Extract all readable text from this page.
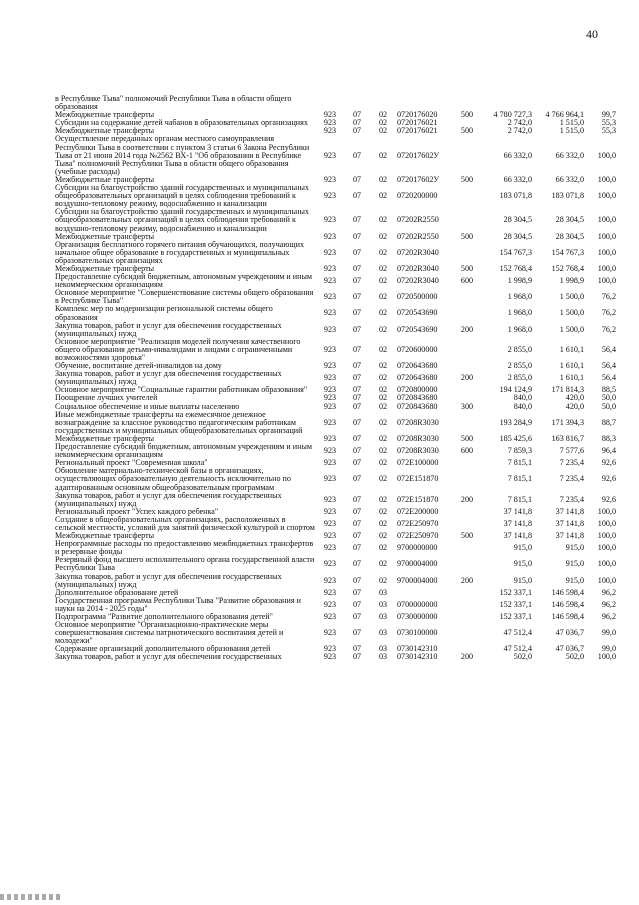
40
в Республике Тыва" полномочий Республики Тыва в области общего образования								
Межбюджетные трансферты	923	07	02	0720176020	500	4 780 727,3	4 766 964,1	99,7
Субсидии на содержание детей чабанов в образовательных организациях	923	07	02	0720176021		2 742,0	1 515,0	55,3
Межбюджетные трансферты	923	07	02	0720176021	500	2 742,0	1 515,0	55,3
Осуществление переданных органам местного самоуправления Республики Тыва в соответствии с пунктом 3 статьи 6 Закона Республики Тыва от 21 июня 2014 года №2562 ВХ-1 "Об образовании в Республике Тыва" полномочий Республики Тыва в области общего образования (учебные расходы)	923	07	02	072017602У		66 332,0	66 332,0	100,0
Межбюджетные трансферты	923	07	02	072017602У	500	66 332,0	66 332,0	100,0
Субсидии на благоустройство зданий государственных и муниципальных общеобразовательных организаций в целях соблюдения требований к воздушно-тепловому режиму, водоснабжению и канализации	923	07	02	0720200000		183 071,8	183 071,8	100,0
Субсидии на благоустройство зданий государственных и муниципальных общеобразовательных организаций в целях соблюдения требований к воздушно-тепловому режиму, водоснабжению и канализации	923	07	02	07202R2550		28 304,5	28 304,5	100,0
Межбюджетные трансферты	923	07	02	07202R2550	500	28 304,5	28 304,5	100,0
Организация бесплатного горячего питания обучающихся, получающих начальное общее образование в государственных и муниципальных образовательных организациях	923	07	02	07202R3040		154 767,3	154 767,3	100,0
Межбюджетные трансферты	923	07	02	07202R3040	500	152 768,4	152 768,4	100,0
Предоставление субсидий бюджетным, автономным учреждениям и иным некоммерческим организациям	923	07	02	07202R3040	600	1 998,9	1 998,9	100,0
Основное мероприятие "Совершенствование системы общего образования в Республике Тыва"	923	07	02	0720500000		1 968,0	1 500,0	76,2
Комплекс мер по модернизации региональной системы общего образования	923	07	02	0720543690		1 968,0	1 500,0	76,2
Закупка товаров, работ и услуг для обеспечения государственных (муниципальных) нужд	923	07	02	0720543690	200	1 968,0	1 500,0	76,2
Основное мероприятие "Реализация моделей получения качественного общего образования детьми-инвалидами и лицами с ограниченными возможностями здоровья"	923	07	02	0720600000		2 855,0	1 610,1	56,4
Обучение, воспитание детей-инвалидов на дому	923	07	02	0720643680		2 855,0	1 610,1	56,4
Закупка товаров, работ и услуг для обеспечения государственных (муниципальных) нужд	923	07	02	0720643680	200	2 855,0	1 610,1	56,4
Основное мероприятие "Социальные гарантии работникам образования"	923	07	02	0720800000		194 124,9	171 814,3	88,5
Поощрение лучших учителей	923	07	02	0720843680		840,0	420,0	50,0
Социальное обеспечение и иные выплаты населению	923	07	02	0720843680	300	840,0	420,0	50,0
Иные межбюджетные трансферты на ежемесячное денежное вознаграждение за классное руководство педагогическим работникам государственных и муниципальных общеобразовательных организаций	923	07	02	07208R3030		193 284,9	171 394,3	88,7
Межбюджетные трансферты	923	07	02	07208R3030	500	185 425,6	163 816,7	88,3
Предоставление субсидий бюджетным, автономным учреждениям и иным некоммерческим организациям	923	07	02	07208R3030	600	7 859,3	7 577,6	96,4
Региональный проект "Современная школа"	923	07	02	072E100000		7 815,1	7 235,4	92,6
Обновление материально-технической базы в организациях, осуществляющих образовательную деятельность исключительно по адаптированным основным общеобразовательным программам	923	07	02	072E151870		7 815,1	7 235,4	92,6
Закупка товаров, работ и услуг для обеспечения государственных (муниципальных) нужд	923	07	02	072E151870	200	7 815,1	7 235,4	92,6
Региональный проект "Успех каждого ребенка"	923	07	02	072E200000		37 141,8	37 141,8	100,0
Создание в общеобразовательных организациях, расположенных в сельской местности, условий для занятий физической культурой и спортом	923	07	02	072E250970		37 141,8	37 141,8	100,0
Межбюджетные трансферты	923	07	02	072E250970	500	37 141,8	37 141,8	100,0
Непрограммные расходы по предоставлению межбюджетных трансфертов и резервные фонды	923	07	02	9700000000		915,0	915,0	100,0
Резервный фонд высшего исполнительного органа государственной власти Республики Тыва	923	07	02	9700004000		915,0	915,0	100,0
Закупка товаров, работ и услуг для обеспечения государственных (муниципальных) нужд	923	07	02	9700004000	200	915,0	915,0	100,0
Дополнительное образование детей	923	07	03			152 337,1	146 598,4	96,2
Государственная программа Республики Тыва "Развитие образования и науки на 2014 - 2025 годы"	923	07	03	0700000000		152 337,1	146 598,4	96,2
Подпрограмма "Развитие дополнительного образования детей"	923	07	03	0730000000		152 337,1	146 598,4	96,2
Основное мероприятие "Организационно-практические меры совершенствования системы патриотического воспитания детей и молодежи"	923	07	03	0730100000		47 512,4	47 036,7	99,0
Содержание организаций дополнительного образования детей	923	07	03	0730142310		47 512,4	47 036,7	99,0
Закупка товаров, работ и услуг для обеспечения государственных	923	07	03	0730142310	200	502,0	502,0	100,0
